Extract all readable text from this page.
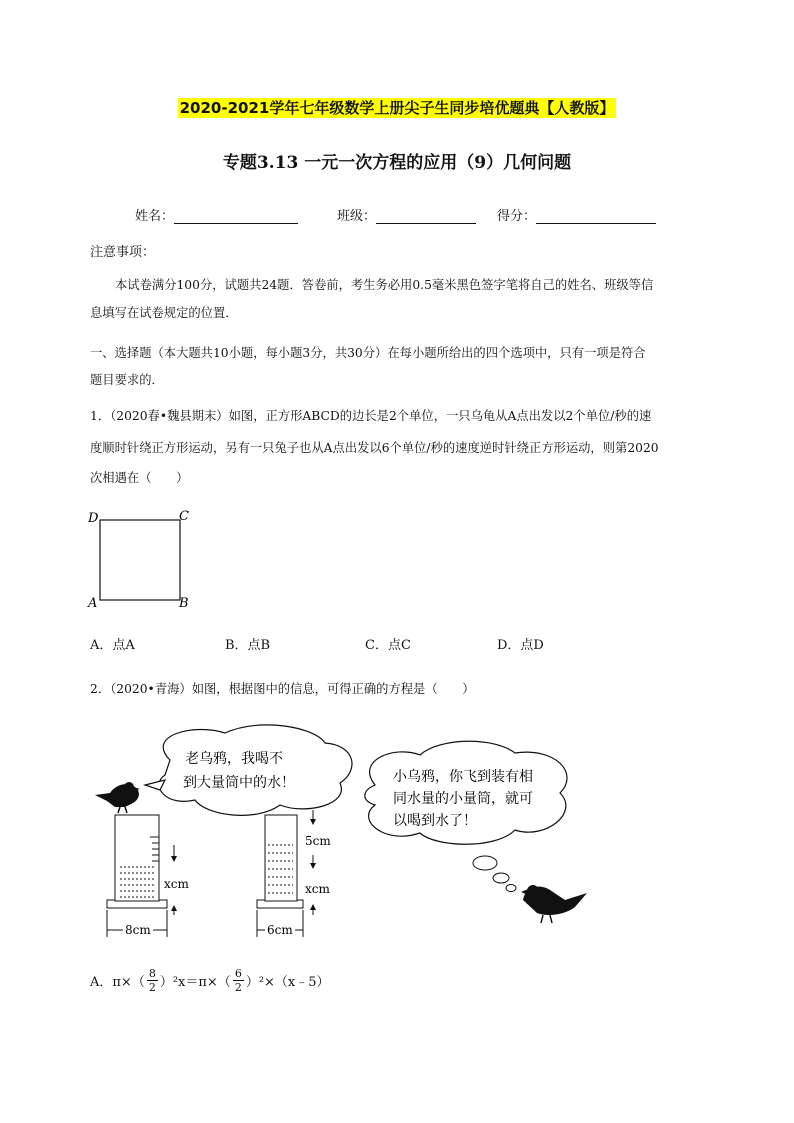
2020-2021学年七年级数学上册尖子生同步培优题典【人教版】
专题3.13 一元一次方程的应用（9）几何问题
姓名：	班级：	得分：
注意事项：
本试卷满分100分，试题共24题．答卷前，考生务必用0.5毫米黑色签字笔将自己的姓名、班级等信
息填写在试卷规定的位置．
一、选择题（本大题共10小题，每小题3分，共30分）在每小题所给出的四个选项中，只有一项是符合
题目要求的．
1．（2020春•魏县期末）如图，正方形ABCD的边长是2个单位，一只乌龟从A点出发以2个单位/秒的速
度顺时针绕正方形运动，另有一只兔子也从A点出发以6个单位/秒的速度逆时针绕正方形运动，则第2020
次相遇在（　　）
D	C
A	B
A．点A	B．点B	C．点C	D．点D
2．（2020•青海）如图，根据图中的信息，可得正确的方程是（　　）
老乌鸦，我喝不
到大量筒中的水！
xcm
8cm
5cm
xcm
6cm
小乌鸦，你飞到装有相
同水量的小量筒，就可
以喝到水了！
A．$\pi\times( \frac{8}{2} )^2x=\pi\times( \frac{6}{2}$ ）²×（x﹣5）
